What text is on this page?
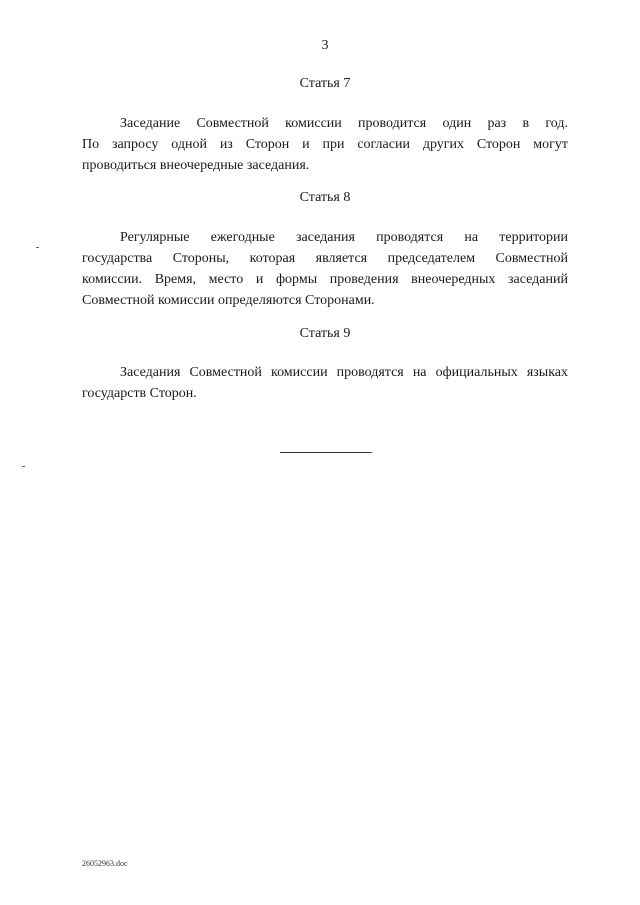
3
Статья 7
Заседание Совместной комиссии проводится один раз в год.
По запросу одной из Сторон и при согласии других Сторон могут
проводиться внеочередные заседания.
Статья 8
Регулярные ежегодные заседания проводятся на территории
государства Стороны, которая является председателем Совместной
комиссии. Время, место и формы проведения внеочередных заседаний
Совместной комиссии определяются Сторонами.
Статья 9
Заседания Совместной комиссии проводятся на официальных языках
государств Сторон.
26052963.doc
